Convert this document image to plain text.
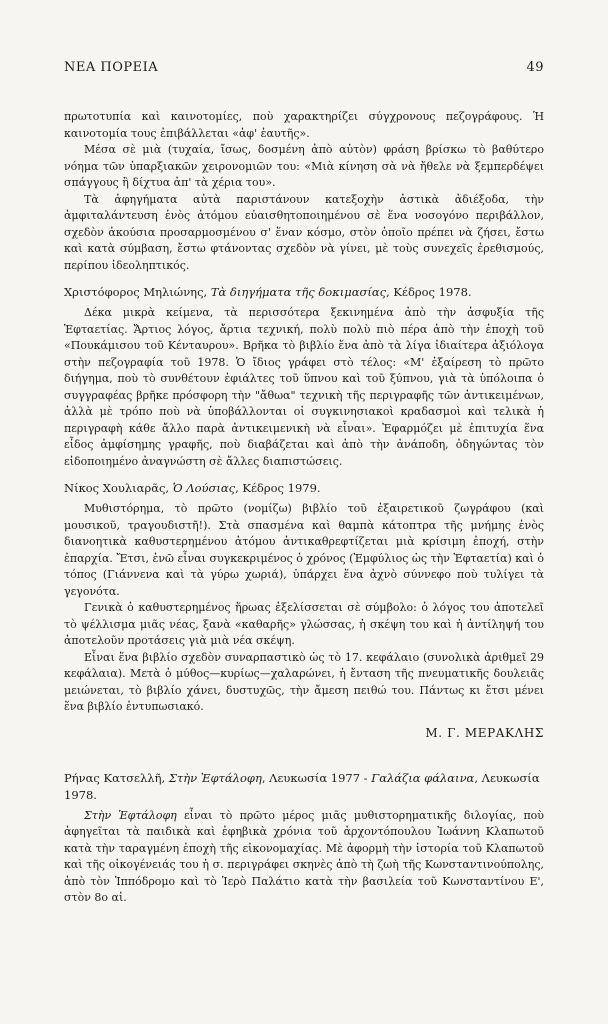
ΝΕΑ ΠΟΡΕΙΑ	49

πρωτοτυπία καὶ καινοτομίες, ποὺ χαρακτηρίζει σύγχρονους πεζογράφους. Ἡ καινοτομία τους ἐπιβάλλεται «ἀφ' ἑαυτῆς».

Μέσα σὲ μιὰ (τυχαία, ἴσως, δοσμένη ἀπὸ αὐτὸν) φράση βρίσκω τὸ βαθύτερο νόημα τῶν ὑπαρξιακῶν χειρονομιῶν του: «Μιὰ κίνηση σὰ νὰ ἤθελε νὰ ξεμπερδέψει σπάγγους ἢ δίχτυα ἀπ' τὰ χέρια του».

Τὰ ἀφηγήματα αὐτὰ παριστάνουν κατεξοχὴν ἀστικὰ ἀδιέξοδα, τὴν ἀμφιταλάντευση ἑνὸς ἀτόμου εὐαισθητοποιημένου σὲ ἕνα νοσογόνο περιβάλλον, σχεδὸν ἀκούσια προσαρμοσμένου σ' ἕναν κόσμο, στὸν ὁποῖο πρέπει νὰ ζήσει, ἔστω καὶ κατὰ σύμβαση, ἔστω φτάνοντας σχεδὸν νὰ γίνει, μὲ τοὺς συνεχεῖς ἐρεθισμούς, περίπου ἰδεοληπτικός.

Χριστόφορος Μηλιώνης, Τὰ διηγήματα τῆς δοκιμασίας, Κέδρος 1978.

Δέκα μικρὰ κείμενα, τὰ περισσότερα ξεκινημένα ἀπὸ τὴν ἀσφυξία τῆς Ἑφταετίας. Ἄρτιος λόγος, ἄρτια τεχνική, πολὺ πολὺ πιὸ πέρα ἀπὸ τὴν ἐποχὴ τοῦ «Πουκάμισου τοῦ Κένταυρου». Βρῆκα τὸ βιβλίο ἕνα ἀπὸ τὰ λίγα ἰδιαίτερα ἀξιόλογα στὴν πεζογραφία τοῦ 1978. Ὁ ἴδιος γράφει στὸ τέλος: «Μ' ἐξαίρεση τὸ πρῶτο διήγημα, ποὺ τὸ συνθέτουν ἐφιάλτες τοῦ ὕπνου καὶ τοῦ ξύπνου, γιὰ τὰ ὑπόλοιπα ὁ συγγραφέας βρῆκε πρόσφορη τὴν "ἄθωα" τεχνικὴ τῆς περιγραφῆς τῶν ἀντικειμένων, ἀλλὰ μὲ τρόπο ποὺ νὰ ὑποβάλλονται οἱ συγκινησιακοὶ κραδασμοὶ καὶ τελικὰ ἡ περιγραφὴ κάθε ἄλλο παρὰ ἀντικειμενικὴ νὰ εἶναι». Ἐφαρμόζει μὲ ἐπιτυχία ἕνα εἶδος ἀμφίσημης γραφῆς, ποὺ διαβάζεται καὶ ἀπὸ τὴν ἀνάποδη, ὁδηγώντας τὸν εἰδοποιημένο ἀναγνώστη σὲ ἄλλες διαπιστώσεις.

Νίκος Χουλιαρᾶς, Ὁ Λούσιας, Κέδρος 1979.

Μυθιστόρημα, τὸ πρῶτο (νομίζω) βιβλίο τοῦ ἐξαιρετικοῦ ζωγράφου (καὶ μουσικοῦ, τραγουδιστῆ!). Στὰ σπασμένα καὶ θαμπὰ κάτοπτρα τῆς μνήμης ἑνὸς διανοητικὰ καθυστερημένου ἀτόμου ἀντικαθρεφτίζεται μιὰ κρίσιμη ἐποχή, στὴν ἐπαρχία. Ἔτσι, ἐνῶ εἶναι συγκεκριμένος ὁ χρόνος (Ἐμφύλιος ὡς τὴν Ἑφταετία) καὶ ὁ τόπος (Γιάννενα καὶ τὰ γύρω χωριά), ὑπάρχει ἕνα ἀχνὸ σύννεφο ποὺ τυλίγει τὰ γεγονότα.

Γενικὰ ὁ καθυστερημένος ἥρωας ἐξελίσσεται σὲ σύμβολο: ὁ λόγος του ἀποτελεῖ τὸ ψέλλισμα μιᾶς νέας, ξανὰ «καθαρῆς» γλώσσας, ἡ σκέψη του καὶ ἡ ἀντίληψή του ἀποτελοῦν προτάσεις γιὰ μιὰ νέα σκέψη.

Εἶναι ἕνα βιβλίο σχεδὸν συναρπαστικὸ ὡς τὸ 17. κεφάλαιο (συνολικὰ ἀριθμεῖ 29 κεφάλαια). Μετὰ ὁ μύθος—κυρίως—χαλαρώνει, ἡ ἔνταση τῆς πνευματικῆς δουλειᾶς μειώνεται, τὸ βιβλίο χάνει, δυστυχῶς, τὴν ἄμεση πειθώ του. Πάντως κι ἔτσι μένει ἕνα βιβλίο ἐντυπωσιακό.

Μ. Γ. ΜΕΡΑΚΛΗΣ
Ρήνας Κατσελλῆ, Στὴν Ἑφτάλοφη, Λευκωσία 1977 - Γαλάζια φάλαινα, Λευκωσία 1978.

Στὴν Ἑφτάλοφη εἶναι τὸ πρῶτο μέρος μιᾶς μυθιστορηματικῆς διλογίας, ποὺ ἀφηγεῖται τὰ παιδικὰ καὶ ἐφηβικὰ χρόνια τοῦ ἀρχοντόπουλου Ἰωάννη Κλαπωτοῦ κατὰ τὴν ταραγμένη ἐποχὴ τῆς εἰκονομαχίας. Μὲ ἀφορμὴ τὴν ἱστορία τοῦ Κλαπωτοῦ καὶ τῆς οἰκογένειάς του ἡ σ. περιγράφει σκηνὲς ἀπὸ τὴ ζωὴ τῆς Κωνσταντινούπολης, ἀπὸ τὸν Ἱππόδρομο καὶ τὸ Ἱερὸ Παλάτιο κατὰ τὴν βασιλεία τοῦ Κωνσταντίνου Ε', στὸν 8ο αἰ.
